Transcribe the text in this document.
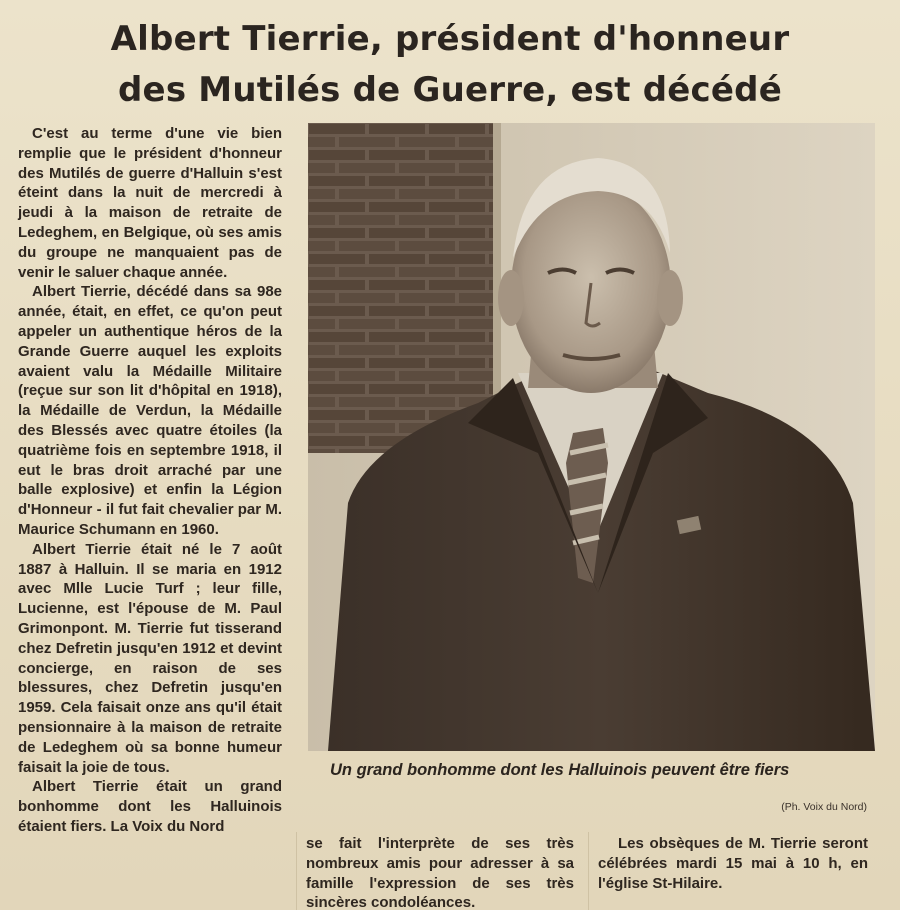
Albert Tierrie, président d'honneur
des Mutilés de Guerre, est décédé

C'est au terme d'une vie bien remplie que le président d'honneur des Mutilés de guerre d'Halluin s'est éteint dans la nuit de mercredi à jeudi à la maison de retraite de Ledeghem, en Belgique, où ses amis du groupe ne manquaient pas de venir le saluer chaque année.

Albert Tierrie, décédé dans sa 98e année, était, en effet, ce qu'on peut appeler un authentique héros de la Grande Guerre auquel les exploits avaient valu la Médaille Militaire (reçue sur son lit d'hôpital en 1918), la Médaille de Verdun, la Médaille des Blessés avec quatre étoiles (la quatrième fois en septembre 1918, il eut le bras droit arraché par une balle explosive) et enfin la Légion d'Honneur - il fut fait chevalier par M. Maurice Schumann en 1960.

Albert Tierrie était né le 7 août 1887 à Halluin. Il se maria en 1912 avec Mlle Lucie Turf ; leur fille, Lucienne, est l'épouse de M. Paul Grimonpont. M. Tierrie fut tisserand chez Defretin jusqu'en 1912 et devint concierge, en raison de ses blessures, chez Defretin jusqu'en 1959. Cela faisait onze ans qu'il était pensionnaire à la maison de retraite de Ledeghem où sa bonne humeur faisait la joie de tous.

Albert Tierrie était un grand bonhomme dont les Halluinois étaient fiers. La Voix du Nord

Un grand bonhomme dont les Halluinois peuvent être fiers
(Ph. Voix du Nord)

se fait l'interprète de ses très nombreux amis pour adresser à sa famille l'expression de ses très sincères condoléances.

Les obsèques de M. Tierrie seront célébrées mardi 15 mai à 10 h, en l'église St-Hilaire.
